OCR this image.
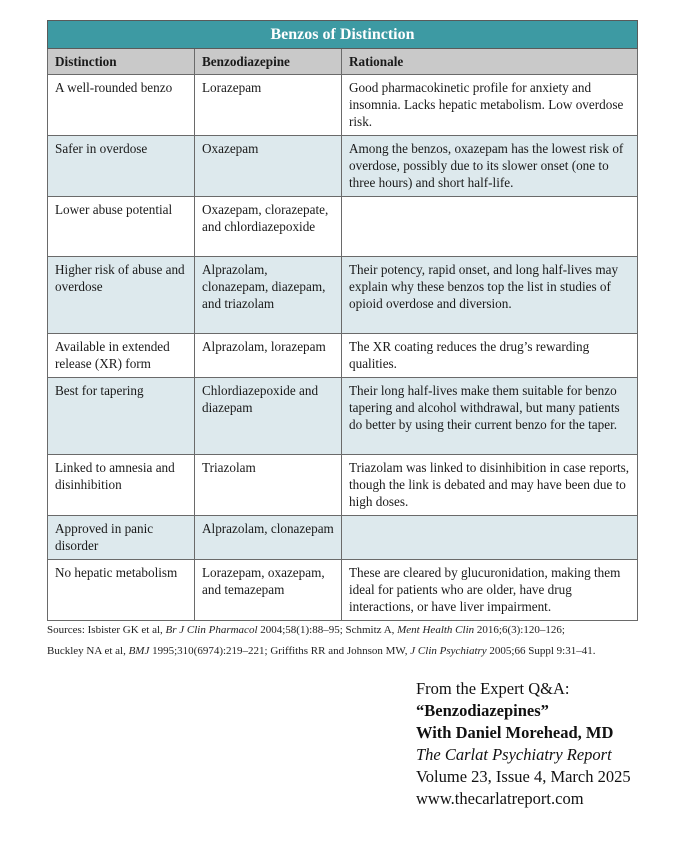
Benzos of Distinction		
Distinction	Benzodiazepine	Rationale
A well-rounded benzo	Lorazepam	Good pharmacokinetic profile for anxiety and insomnia. Lacks hepatic metabolism. Low overdose risk.
Safer in overdose	Oxazepam	Among the benzos, oxazepam has the lowest risk of overdose, possibly due to its slower onset (one to three hours) and short half-life.
Lower abuse potential	Oxazepam, clorazepate, and chlordiazepoxide	
Higher risk of abuse and overdose	Alprazolam, clonazepam, diazepam, and triazolam	Their potency, rapid onset, and long half-lives may explain why these benzos top the list in studies of opioid overdose and diversion.
Available in extended release (XR) form	Alprazolam, lorazepam	The XR coating reduces the drug’s rewarding qualities.
Best for tapering	Chlordiazepoxide and diazepam	Their long half-lives make them suitable for benzo tapering and alcohol withdrawal, but many patients do better by using their current benzo for the taper.
Linked to amnesia and disinhibition	Triazolam	Triazolam was linked to disinhibition in case reports, though the link is debated and may have been due to high doses.
Approved in panic disorder	Alprazolam, clonazepam	
No hepatic metabolism	Lorazepam, oxazepam, and temazepam	These are cleared by glucuronidation, making them ideal for patients who are older, have drug interactions, or have liver impairment.
Sources: Isbister GK et al, Br J Clin Pharmacol 2004;58(1):88–95; Schmitz A, Ment Health Clin 2016;6(3):120–126;
Buckley NA et al, BMJ 1995;310(6974):219–221; Griffiths RR and Johnson MW, J Clin Psychiatry 2005;66 Suppl 9:31–41.
From the Expert Q&A:
“Benzodiazepines”
With Daniel Morehead, MD
The Carlat Psychiatry Report
Volume 23, Issue 4, March 2025
www.thecarlatreport.com
